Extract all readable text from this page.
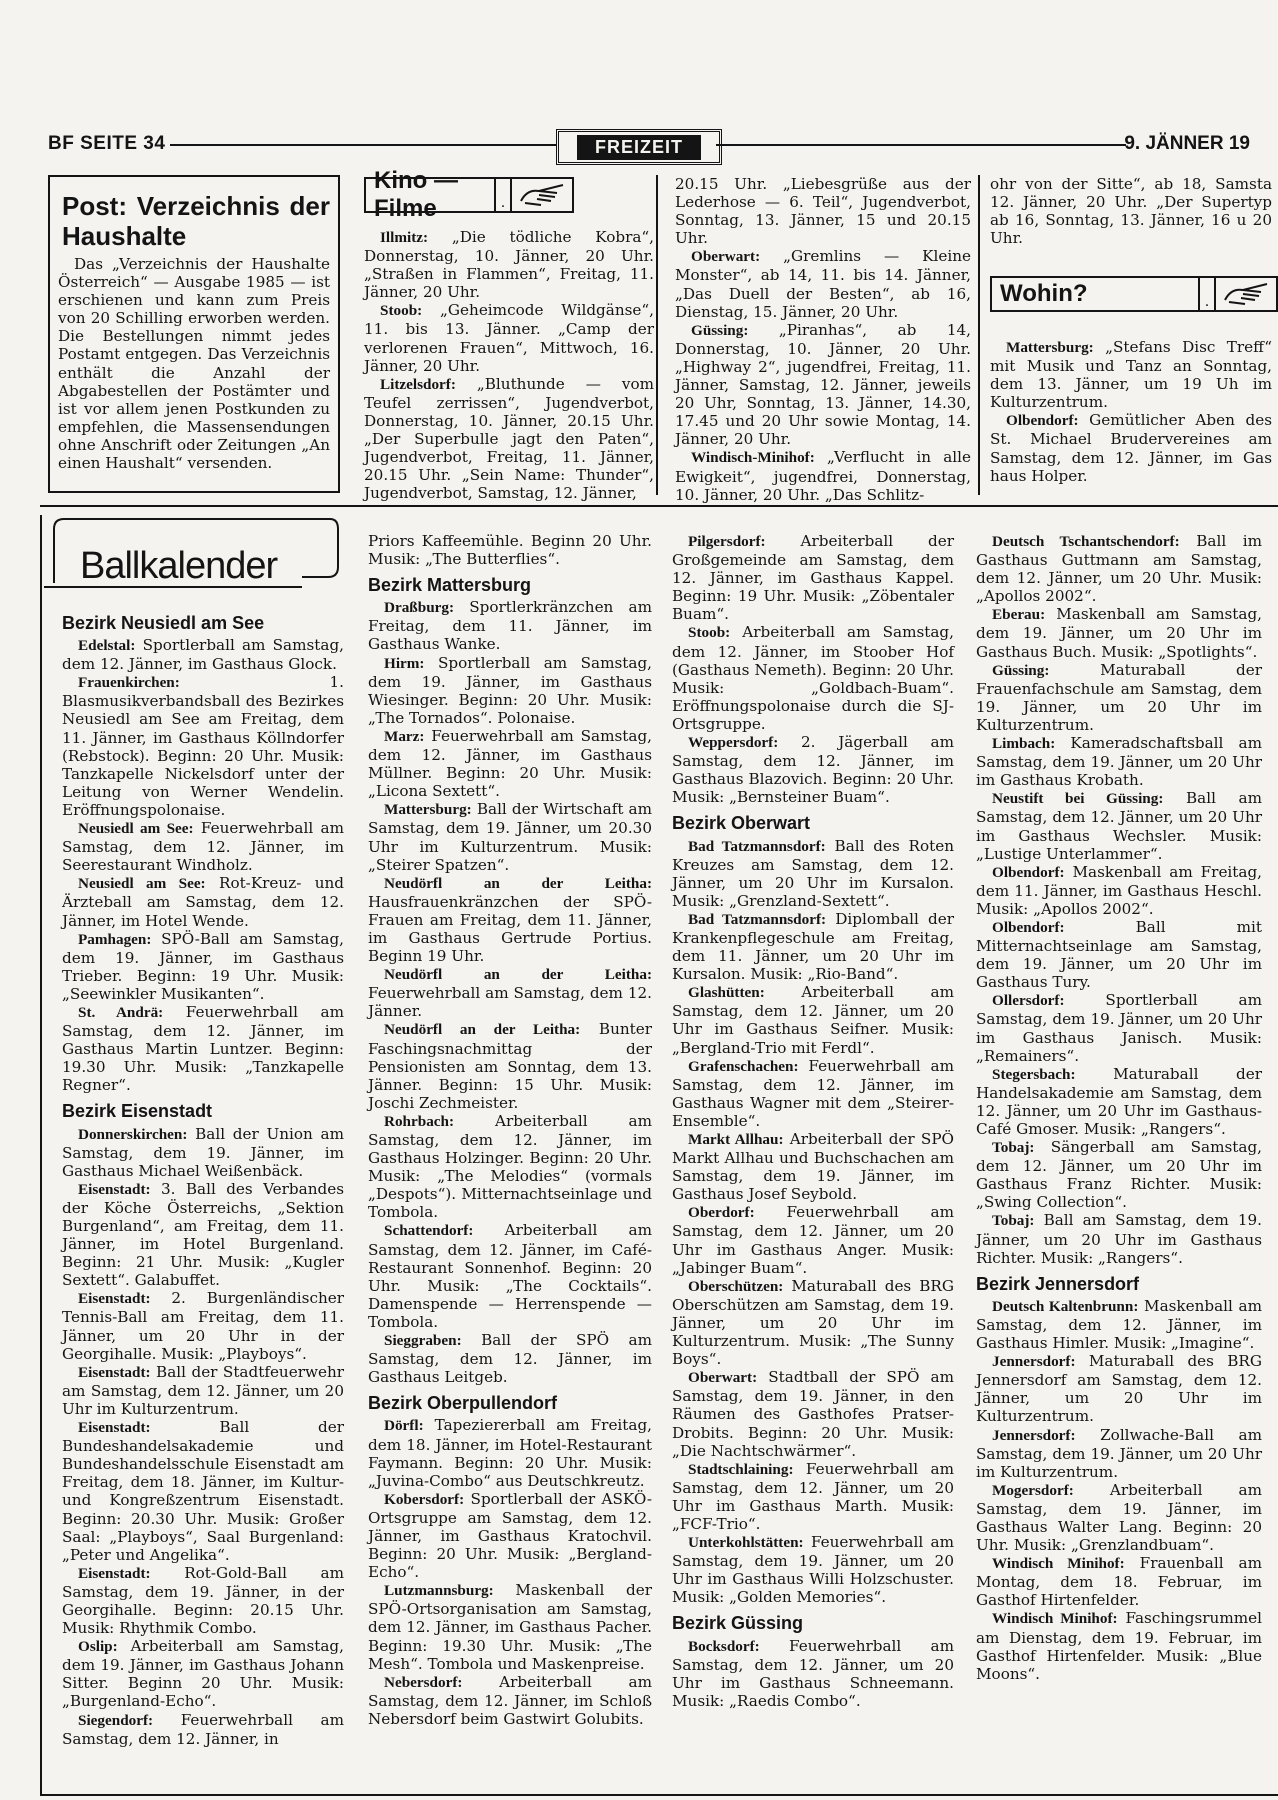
BF SEITE 34	FREIZEIT	9. JÄNNER 19
Post: Verzeichnis der Haushalte

Das „Verzeichnis der Haushalte Österreich“ — Ausgabe 1985 — ist erschienen und kann zum Preis von 20 Schilling erworben werden. Die Bestellungen nimmt jedes Postamt entgegen. Das Verzeichnis enthält die Anzahl der Abgabestellen der Postämter und ist vor allem jenen Postkunden zu empfehlen, die Massensendungen ohne Anschrift oder Zeitungen „An einen Haushalt“ versenden.

Kino — Filme	.

Illmitz: „Die tödliche Kobra“, Donnerstag, 10. Jänner, 20 Uhr. „Straßen in Flammen“, Freitag, 11. Jänner, 20 Uhr.

Stoob: „Geheimcode Wildgänse“, 11. bis 13. Jänner. „Camp der verlorenen Frauen“, Mittwoch, 16. Jänner, 20 Uhr.

Litzelsdorf: „Bluthunde — vom Teufel zerrissen“, Jugendverbot, Donnerstag, 10. Jänner, 20.15 Uhr. „Der Superbulle jagt den Paten“, Jugendverbot, Freitag, 11. Jänner, 20.15 Uhr. „Sein Name: Thunder“, Jugendverbot, Samstag, 12. Jänner,

20.15 Uhr. „Liebesgrüße aus der Lederhose — 6. Teil“, Jugendverbot, Sonntag, 13. Jänner, 15 und 20.15 Uhr.

Oberwart: „Gremlins — Kleine Monster“, ab 14, 11. bis 14. Jänner, „Das Duell der Besten“, ab 16, Dienstag, 15. Jänner, 20 Uhr.

Güssing: „Piranhas“, ab 14, Donnerstag, 10. Jänner, 20 Uhr. „Highway 2“, jugendfrei, Freitag, 11. Jänner, Samstag, 12. Jänner, jeweils 20 Uhr, Sonntag, 13. Jänner, 14.30, 17.45 und 20 Uhr sowie Montag, 14. Jänner, 20 Uhr.

Windisch-Minihof: „Verflucht in alle Ewigkeit“, jugendfrei, Donnerstag, 10. Jänner, 20 Uhr. „Das Schlitz-

ohr von der Sitte“, ab 18, Samsta 12. Jänner, 20 Uhr. „Der Supertyp ab 16, Sonntag, 13. Jänner, 16 u 20 Uhr.

Wohin?	.

Mattersburg: „Stefans Disc Treff“ mit Musik und Tanz an Sonntag, dem 13. Jänner, um 19 Uh im Kulturzentrum.

Olbendorf: Gemütlicher Aben des St. Michael Brudervereines am Samstag, dem 12. Jänner, im Gas haus Holper.

Ballkalender
Bezirk Neusiedl am See

Edelstal: Sportlerball am Samstag, dem 12. Jänner, im Gasthaus Glock.

Frauenkirchen: 1. Blasmusikverbandsball des Bezirkes Neusiedl am See am Freitag, dem 11. Jänner, im Gasthaus Köllndorfer (Rebstock). Beginn: 20 Uhr. Musik: Tanzkapelle Nickelsdorf unter der Leitung von Werner Wendelin. Eröffnungspolonaise.

Neusiedl am See: Feuerwehrball am Samstag, dem 12. Jänner, im Seerestaurant Windholz.

Neusiedl am See: Rot-Kreuz- und Ärzteball am Samstag, dem 12. Jänner, im Hotel Wende.

Pamhagen: SPÖ-Ball am Samstag, dem 19. Jänner, im Gasthaus Trieber. Beginn: 19 Uhr. Musik: „Seewinkler Musikanten“.

St. Andrä: Feuerwehrball am Samstag, dem 12. Jänner, im Gasthaus Martin Luntzer. Beginn: 19.30 Uhr. Musik: „Tanzkapelle Regner“.

Bezirk Eisenstadt

Donnerskirchen: Ball der Union am Samstag, dem 19. Jänner, im Gasthaus Michael Weißenbäck.

Eisenstadt: 3. Ball des Verbandes der Köche Österreichs, „Sektion Burgenland“, am Freitag, dem 11. Jänner, im Hotel Burgenland. Beginn: 21 Uhr. Musik: „Kugler Sextett“. Galabuffet.

Eisenstadt: 2. Burgenländischer Tennis-Ball am Freitag, dem 11. Jänner, um 20 Uhr in der Georgihalle. Musik: „Playboys“.

Eisenstadt: Ball der Stadtfeuerwehr am Samstag, dem 12. Jänner, um 20 Uhr im Kulturzentrum.

Eisenstadt: Ball der Bundeshandelsakademie und Bundeshandelsschule Eisenstadt am Freitag, dem 18. Jänner, im Kultur- und Kongreßzentrum Eisenstadt. Beginn: 20.30 Uhr. Musik: Großer Saal: „Playboys“, Saal Burgenland: „Peter und Angelika“.

Eisenstadt: Rot-Gold-Ball am Samstag, dem 19. Jänner, in der Georgihalle. Beginn: 20.15 Uhr. Musik: Rhythmik Combo.

Oslip: Arbeiterball am Samstag, dem 19. Jänner, im Gasthaus Johann Sitter. Beginn 20 Uhr. Musik: „Burgenland-Echo“.

Siegendorf: Feuerwehrball am Samstag, dem 12. Jänner, in

Priors Kaffeemühle. Beginn 20 Uhr. Musik: „The Butterflies“.

Bezirk Mattersburg

Draßburg: Sportlerkränzchen am Freitag, dem 11. Jänner, im Gasthaus Wanke.

Hirm: Sportlerball am Samstag, dem 19. Jänner, im Gasthaus Wiesinger. Beginn: 20 Uhr. Musik: „The Tornados“. Polonaise.

Marz: Feuerwehrball am Samstag, dem 12. Jänner, im Gasthaus Müllner. Beginn: 20 Uhr. Musik: „Licona Sextett“.

Mattersburg: Ball der Wirtschaft am Samstag, dem 19. Jänner, um 20.30 Uhr im Kulturzentrum. Musik: „Steirer Spatzen“.

Neudörfl an der Leitha: Hausfrauenkränzchen der SPÖ-Frauen am Freitag, dem 11. Jänner, im Gasthaus Gertrude Portius. Beginn 19 Uhr.

Neudörfl an der Leitha: Feuerwehrball am Samstag, dem 12. Jänner.

Neudörfl an der Leitha: Bunter Faschingsnachmittag der Pensionisten am Sonntag, dem 13. Jänner. Beginn: 15 Uhr. Musik: Joschi Zechmeister.

Rohrbach: Arbeiterball am Samstag, dem 12. Jänner, im Gasthaus Holzinger. Beginn: 20 Uhr. Musik: „The Melodies“ (vormals „Despots“). Mitternachtseinlage und Tombola.

Schattendorf: Arbeiterball am Samstag, dem 12. Jänner, im Café-Restaurant Sonnenhof. Beginn: 20 Uhr. Musik: „The Cocktails“. Damenspende — Herrenspende — Tombola.

Sieggraben: Ball der SPÖ am Samstag, dem 12. Jänner, im Gasthaus Leitgeb.

Bezirk Oberpullendorf

Dörfl: Tapeziererball am Freitag, dem 18. Jänner, im Hotel-Restaurant Faymann. Beginn: 20 Uhr. Musik: „Juvina-Combo“ aus Deutschkreutz.

Kobersdorf: Sportlerball der ASKÖ-Ortsgruppe am Samstag, dem 12. Jänner, im Gasthaus Kratochvil. Beginn: 20 Uhr. Musik: „Bergland-Echo“.

Lutzmannsburg: Maskenball der SPÖ-Ortsorganisation am Samstag, dem 12. Jänner, im Gasthaus Pacher. Beginn: 19.30 Uhr. Musik: „The Mesh“. Tombola und Maskenpreise.

Nebersdorf: Arbeiterball am Samstag, dem 12. Jänner, im Schloß Nebersdorf beim Gastwirt Golubits.

Pilgersdorf: Arbeiterball der Großgemeinde am Samstag, dem 12. Jänner, im Gasthaus Kappel. Beginn: 19 Uhr. Musik: „Zöbentaler Buam“.

Stoob: Arbeiterball am Samstag, dem 12. Jänner, im Stoober Hof (Gasthaus Nemeth). Beginn: 20 Uhr. Musik: „Goldbach-Buam“. Eröffnungspolonaise durch die SJ-Ortsgruppe.

Weppersdorf: 2. Jägerball am Samstag, dem 12. Jänner, im Gasthaus Blazovich. Beginn: 20 Uhr. Musik: „Bernsteiner Buam“.

Bezirk Oberwart

Bad Tatzmannsdorf: Ball des Roten Kreuzes am Samstag, dem 12. Jänner, um 20 Uhr im Kursalon. Musik: „Grenzland-Sextett“.

Bad Tatzmannsdorf: Diplomball der Krankenpflegeschule am Freitag, dem 11. Jänner, um 20 Uhr im Kursalon. Musik: „Rio-Band“.

Glashütten: Arbeiterball am Samstag, dem 12. Jänner, um 20 Uhr im Gasthaus Seifner. Musik: „Bergland-Trio mit Ferdl“.

Grafenschachen: Feuerwehrball am Samstag, dem 12. Jänner, im Gasthaus Wagner mit dem „Steirer-Ensemble“.

Markt Allhau: Arbeiterball der SPÖ Markt Allhau und Buchschachen am Samstag, dem 19. Jänner, im Gasthaus Josef Seybold.

Oberdorf: Feuerwehrball am Samstag, dem 12. Jänner, um 20 Uhr im Gasthaus Anger. Musik: „Jabinger Buam“.

Oberschützen: Maturaball des BRG Oberschützen am Samstag, dem 19. Jänner, um 20 Uhr im Kulturzentrum. Musik: „The Sunny Boys“.

Oberwart: Stadtball der SPÖ am Samstag, dem 19. Jänner, in den Räumen des Gasthofes Pratser-Drobits. Beginn: 20 Uhr. Musik: „Die Nachtschwärmer“.

Stadtschlaining: Feuerwehrball am Samstag, dem 12. Jänner, um 20 Uhr im Gasthaus Marth. Musik: „FCF-Trio“.

Unterkohlstätten: Feuerwehrball am Samstag, dem 19. Jänner, um 20 Uhr im Gasthaus Willi Holzschuster. Musik: „Golden Memories“.

Bezirk Güssing

Bocksdorf: Feuerwehrball am Samstag, dem 12. Jänner, um 20 Uhr im Gasthaus Schneemann. Musik: „Raedis Combo“.

Deutsch Tschantschendorf: Ball im Gasthaus Guttmann am Samstag, dem 12. Jänner, um 20 Uhr. Musik: „Apollos 2002“.

Eberau: Maskenball am Samstag, dem 19. Jänner, um 20 Uhr im Gasthaus Buch. Musik: „Spotlights“.

Güssing: Maturaball der Frauenfachschule am Samstag, dem 19. Jänner, um 20 Uhr im Kulturzentrum.

Limbach: Kameradschaftsball am Samstag, dem 19. Jänner, um 20 Uhr im Gasthaus Krobath.

Neustift bei Güssing: Ball am Samstag, dem 12. Jänner, um 20 Uhr im Gasthaus Wechsler. Musik: „Lustige Unterlammer“.

Olbendorf: Maskenball am Freitag, dem 11. Jänner, im Gasthaus Heschl. Musik: „Apollos 2002“.

Olbendorf: Ball mit Mitternachtseinlage am Samstag, dem 19. Jänner, um 20 Uhr im Gasthaus Tury.

Ollersdorf: Sportlerball am Samstag, dem 19. Jänner, um 20 Uhr im Gasthaus Janisch. Musik: „Remainers“.

Stegersbach: Maturaball der Handelsakademie am Samstag, dem 12. Jänner, um 20 Uhr im Gasthaus-Café Gmoser. Musik: „Rangers“.

Tobaj: Sängerball am Samstag, dem 12. Jänner, um 20 Uhr im Gasthaus Franz Richter. Musik: „Swing Collection“.

Tobaj: Ball am Samstag, dem 19. Jänner, um 20 Uhr im Gasthaus Richter. Musik: „Rangers“.

Bezirk Jennersdorf

Deutsch Kaltenbrunn: Maskenball am Samstag, dem 12. Jänner, im Gasthaus Himler. Musik: „Imagine“.

Jennersdorf: Maturaball des BRG Jennersdorf am Samstag, dem 12. Jänner, um 20 Uhr im Kulturzentrum.

Jennersdorf: Zollwache-Ball am Samstag, dem 19. Jänner, um 20 Uhr im Kulturzentrum.

Mogersdorf: Arbeiterball am Samstag, dem 19. Jänner, im Gasthaus Walter Lang. Beginn: 20 Uhr. Musik: „Grenzlandbuam“.

Windisch Minihof: Frauenball am Montag, dem 18. Februar, im Gasthof Hirtenfelder.

Windisch Minihof: Faschingsrummel am Dienstag, dem 19. Februar, im Gasthof Hirtenfelder. Musik: „Blue Moons“.
